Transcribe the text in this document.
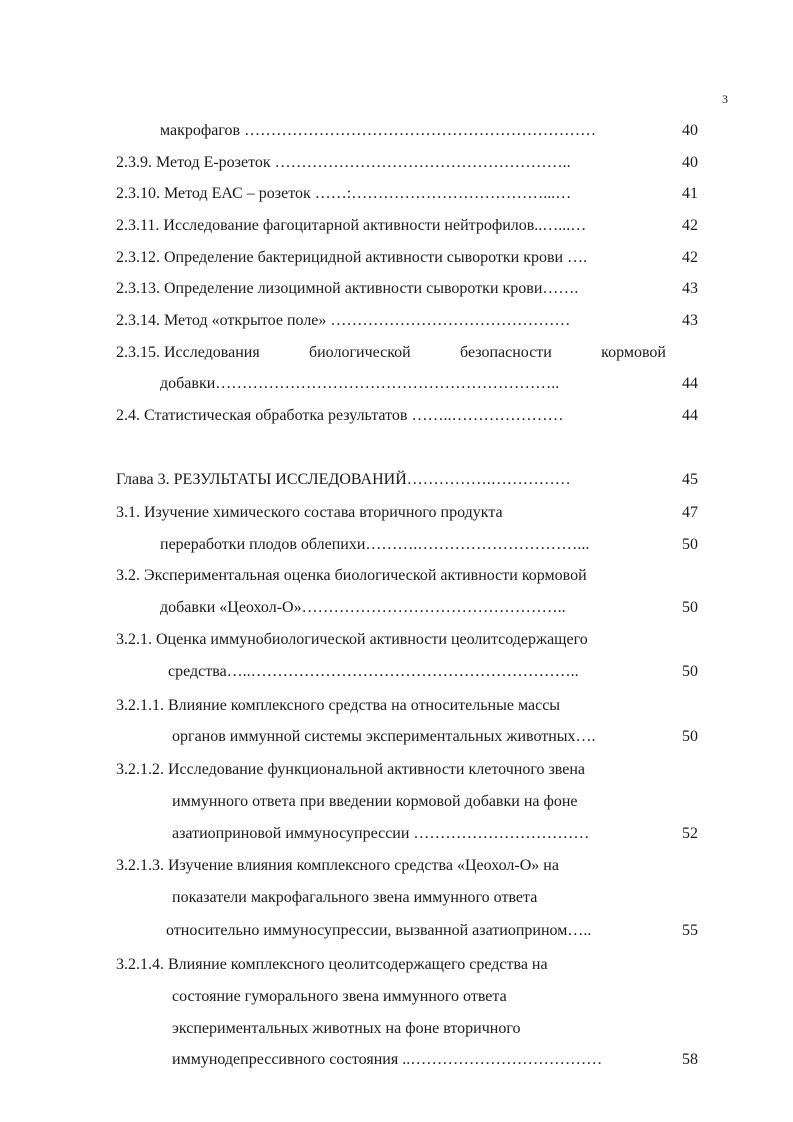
3
макрофагов …………………………………………………………	40
2.3.9. Метод Е-розеток ………………………………………………..	40
2.3.10. Метод ЕАС – розеток ……:………………………………...…	41
2.3.11. Исследование фагоцитарной активности нейтрофилов..…...…	42
2.3.12. Определение бактерицидной активности сыворотки крови ….	42
2.3.13. Определение лизоцимной активности сыворотки крови…….	43
2.3.14. Метод «открытое поле» ………………………………………	43
2.3.15. Исследования	биологической	безопасности	кормовой
добавки………………………………………………………..	44
2.4. Статистическая обработка результатов ……..…………………	44
Глава 3. РЕЗУЛЬТАТЫ ИССЛЕДОВАНИЙ…………….……………	45
3.1. Изучение химического состава вторичного продукта	47
переработки плодов облепихи……….…………………………...	50
3.2. Экспериментальная оценка биологической активности кормовой
добавки «Цеохол-О»…………………………………………..	50
3.2.1. Оценка иммунобиологической активности цеолитсодержащего
средства…..……………………………………………………..	50
3.2.1.1. Влияние комплексного средства на относительные массы
органов иммунной системы экспериментальных животных….	50
3.2.1.2. Исследование функциональной активности клеточного звена
иммунного ответа при введении кормовой добавки на фоне
азатиоприновой иммуносупрессии ……………………………	52
3.2.1.3. Изучение влияния комплексного средства «Цеохол-О» на
показатели макрофагального звена иммунного ответа
относительно иммуносупрессии, вызванной азатиоприном…..	55
3.2.1.4. Влияние комплексного цеолитсодержащего средства на
состояние гуморального звена иммунного ответа
экспериментальных животных на фоне вторичного
иммунодепрессивного состояния ..………………………………	58
